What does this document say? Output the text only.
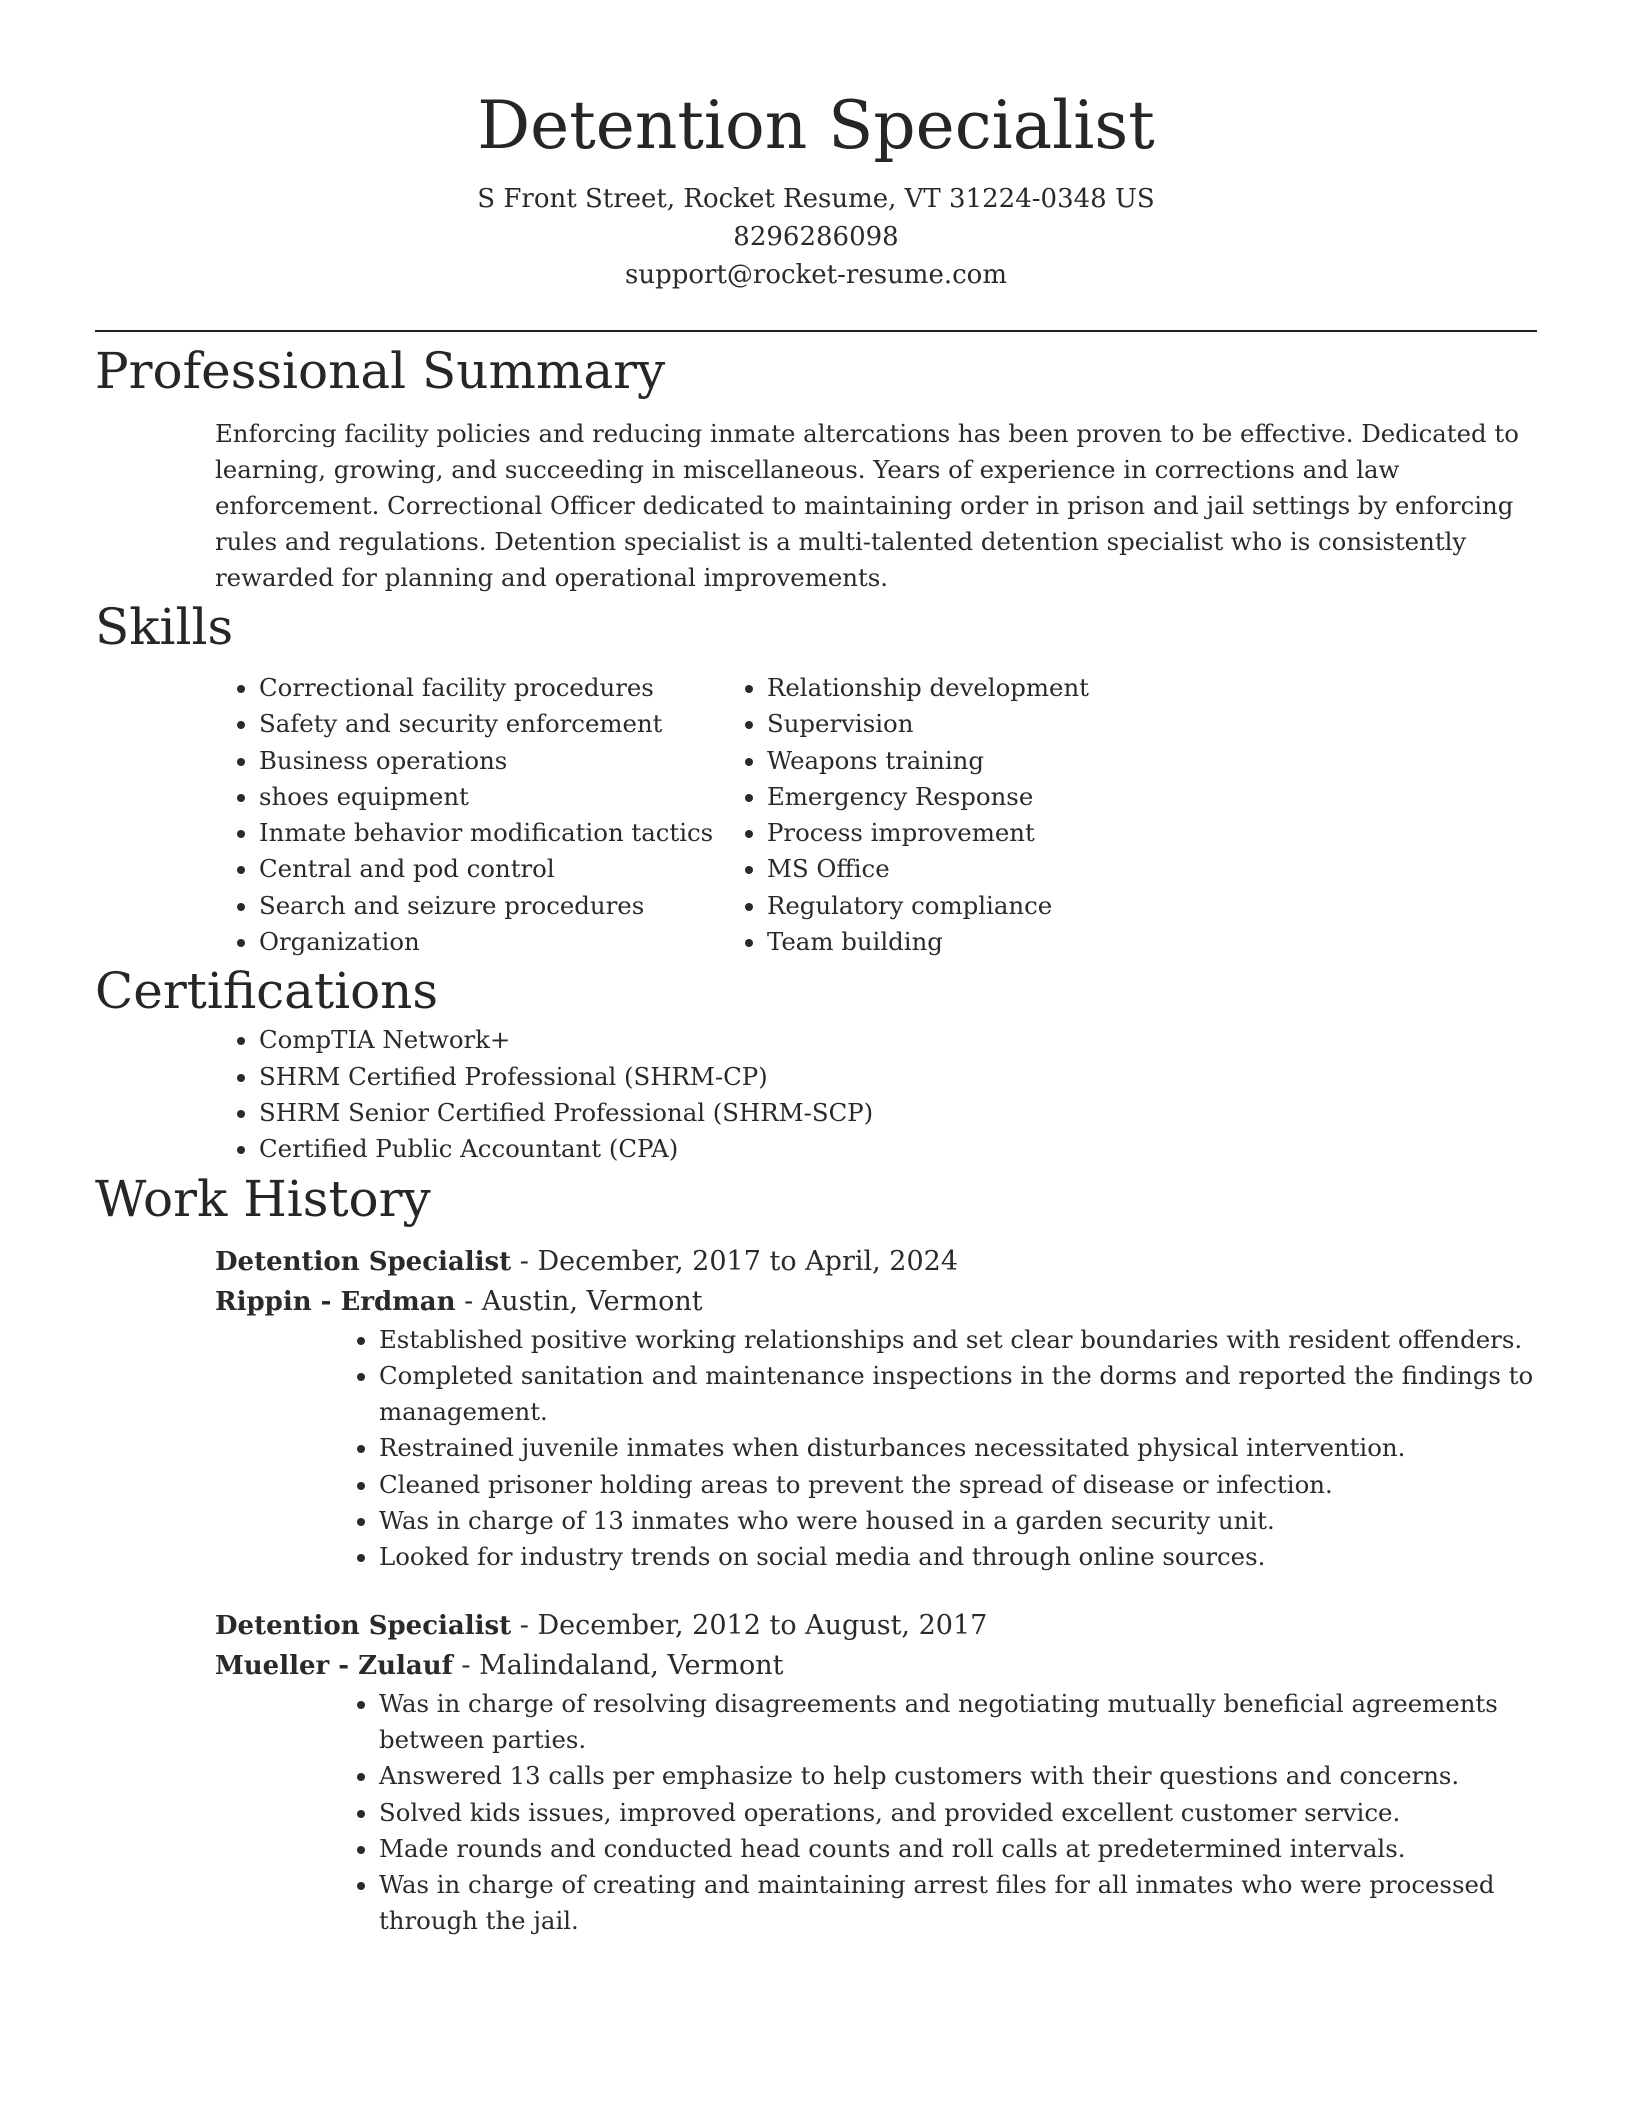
Detention Specialist
S Front Street, Rocket Resume, VT 31224-0348 US
8296286098
support@rocket-resume.com
Professional Summary

Enforcing facility policies and reducing inmate altercations has been proven to be effective. Dedicated to learning, growing, and succeeding in miscellaneous. Years of experience in corrections and law enforcement. Correctional Officer dedicated to maintaining order in prison and jail settings by enforcing rules and regulations. Detention specialist is a multi-talented detention specialist who is consistently rewarded for planning and operational improvements.

Skills
• Correctional facility procedures
• Safety and security enforcement
• Business operations
• shoes equipment
• Inmate behavior modification tactics
• Central and pod control
• Search and seizure procedures
• Organization
• Relationship development
• Supervision
• Weapons training
• Emergency Response
• Process improvement
• MS Office
• Regulatory compliance
• Team building
Certifications
• CompTIA Network+
• SHRM Certified Professional (SHRM-CP)
• SHRM Senior Certified Professional (SHRM-SCP)
• Certified Public Accountant (CPA)
Work History
Detention Specialist - December, 2017 to April, 2024
Rippin - Erdman - Austin, Vermont
• Established positive working relationships and set clear boundaries with resident offenders.
• Completed sanitation and maintenance inspections in the dorms and reported the findings to management.
• Restrained juvenile inmates when disturbances necessitated physical intervention.
• Cleaned prisoner holding areas to prevent the spread of disease or infection.
• Was in charge of 13 inmates who were housed in a garden security unit.
• Looked for industry trends on social media and through online sources.
Detention Specialist - December, 2012 to August, 2017
Mueller - Zulauf - Malindaland, Vermont
• Was in charge of resolving disagreements and negotiating mutually beneficial agreements between parties.
• Answered 13 calls per emphasize to help customers with their questions and concerns.
• Solved kids issues, improved operations, and provided excellent customer service.
• Made rounds and conducted head counts and roll calls at predetermined intervals.
• Was in charge of creating and maintaining arrest files for all inmates who were processed through the jail.
